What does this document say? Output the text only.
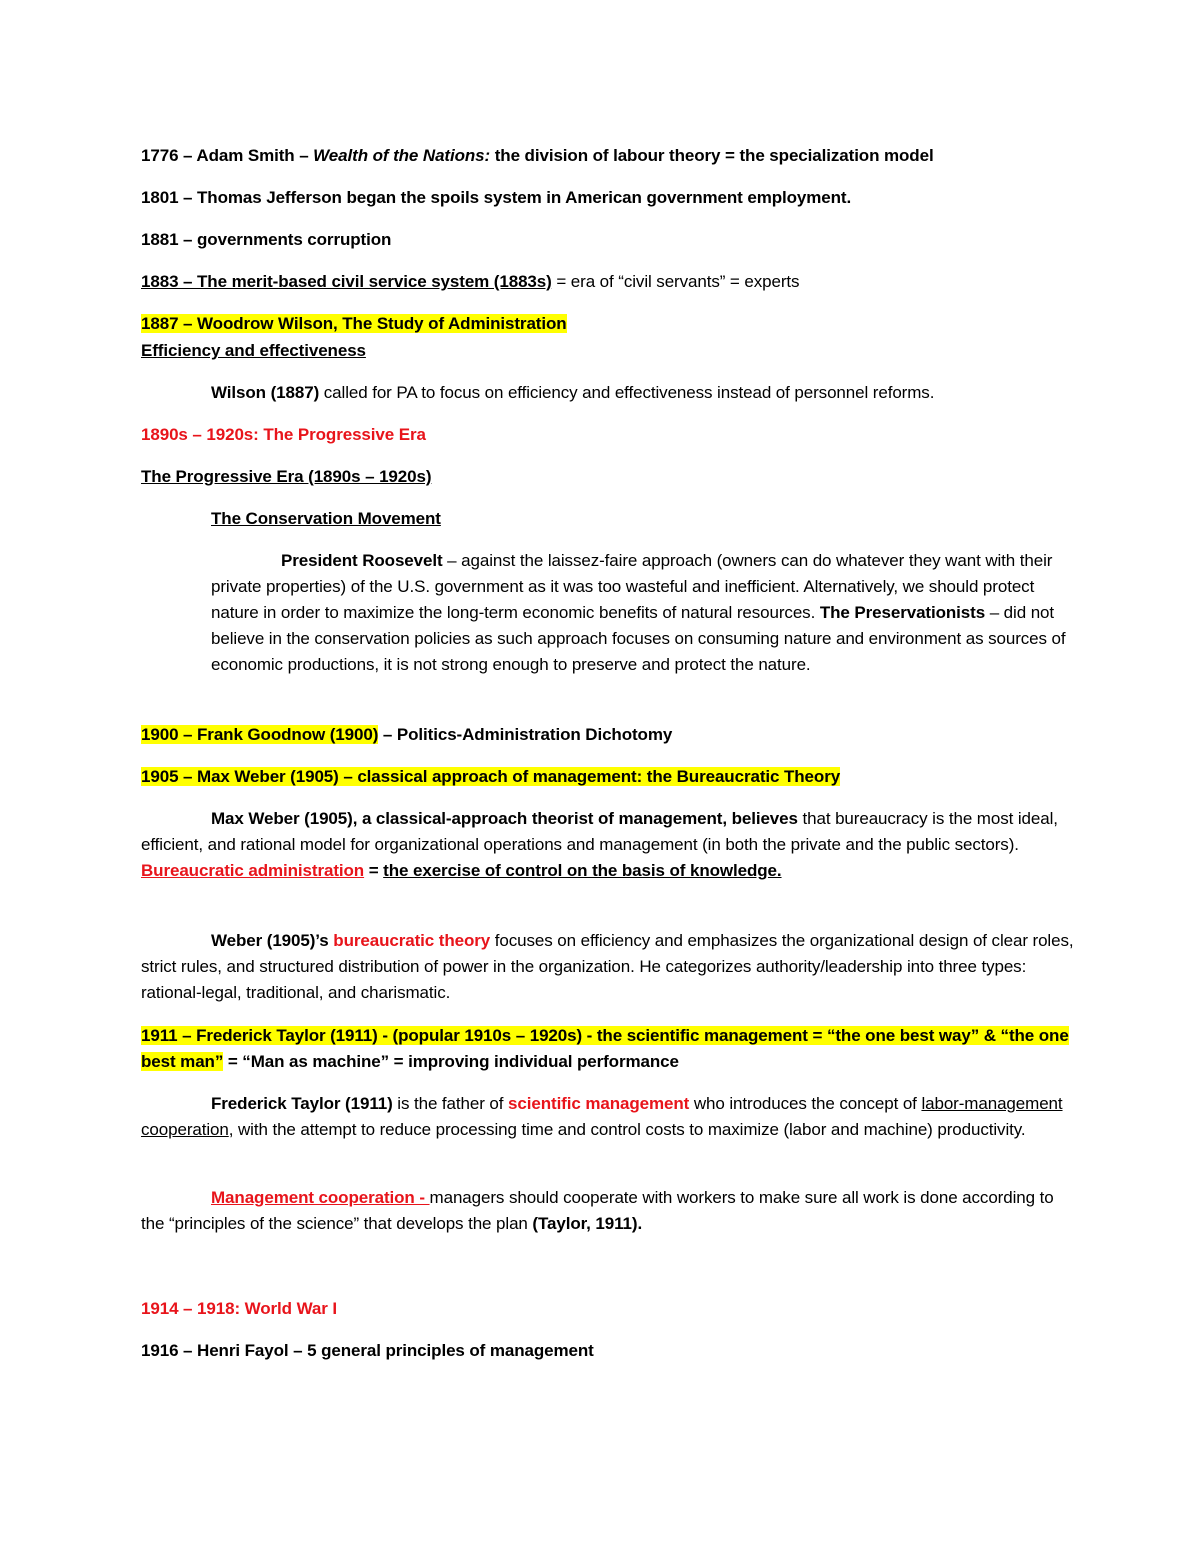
1776 – Adam Smith – Wealth of the Nations: the division of labour theory = the specialization model
1801 – Thomas Jefferson began the spoils system in American government employment.
1881 – governments corruption
1883 – The merit-based civil service system (1883s) = era of “civil servants” = experts
1887 – Woodrow Wilson, The Study of Administration
Efficiency and effectiveness
Wilson (1887) called for PA to focus on efficiency and effectiveness instead of personnel reforms.
1890s – 1920s: The Progressive Era
The Progressive Era (1890s – 1920s)
The Conservation Movement
President Roosevelt – against the laissez-faire approach (owners can do whatever they want with their private properties) of the U.S. government as it was too wasteful and inefficient. Alternatively, we should protect nature in order to maximize the long-term economic benefits of natural resources. The Preservationists – did not believe in the conservation policies as such approach focuses on consuming nature and environment as sources of economic productions, it is not strong enough to preserve and protect the nature.
1900 – Frank Goodnow (1900) – Politics-Administration Dichotomy
1905 – Max Weber (1905) – classical approach of management: the Bureaucratic Theory
Max Weber (1905), a classical-approach theorist of management, believes that bureaucracy is the most ideal, efficient, and rational model for organizational operations and management (in both the private and the public sectors). Bureaucratic administration = the exercise of control on the basis of knowledge.
Weber (1905)’s bureaucratic theory focuses on efficiency and emphasizes the organizational design of clear roles, strict rules, and structured distribution of power in the organization. He categorizes authority/leadership into three types: rational-legal, traditional, and charismatic.
1911 – Frederick Taylor (1911) - (popular 1910s – 1920s) - the scientific management = “the one best way” & “the one best man” = “Man as machine” = improving individual performance
Frederick Taylor (1911) is the father of scientific management who introduces the concept of labor-management cooperation, with the attempt to reduce processing time and control costs to maximize (labor and machine) productivity.
Management cooperation - managers should cooperate with workers to make sure all work is done according to the “principles of the science” that develops the plan (Taylor, 1911).
1914 – 1918: World War I
1916 – Henri Fayol – 5 general principles of management
